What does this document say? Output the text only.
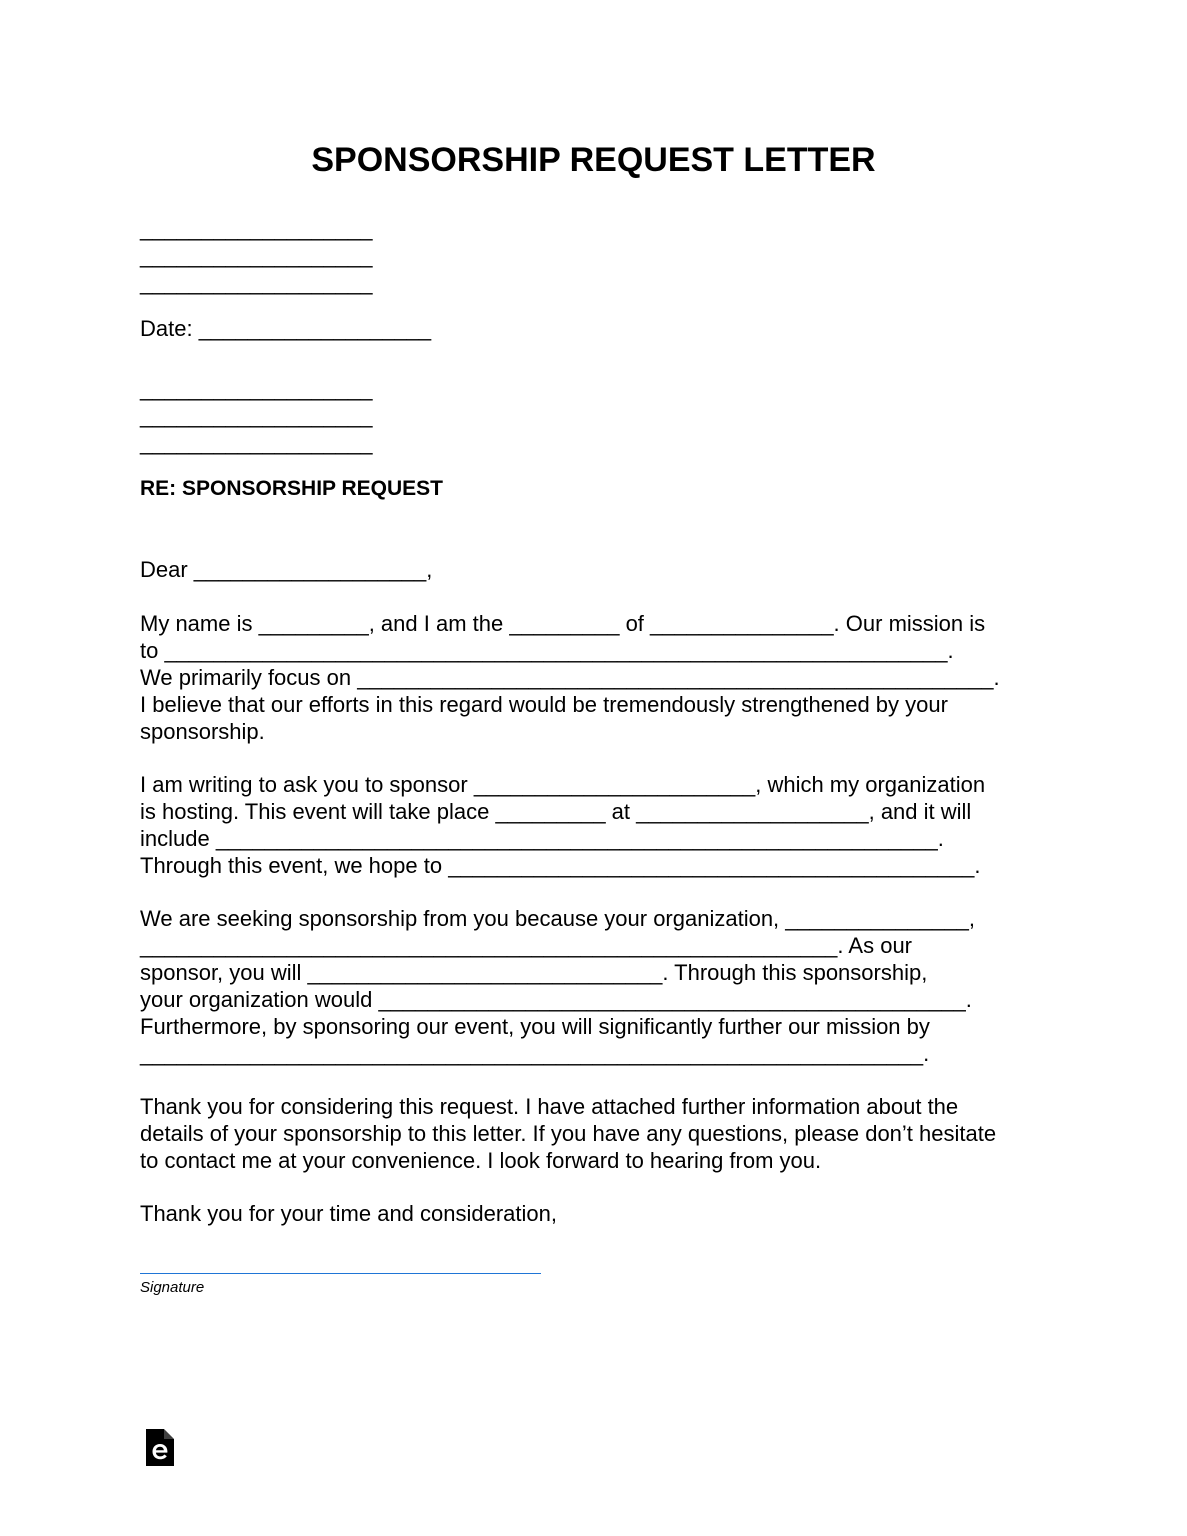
SPONSORSHIP REQUEST LETTER

___________________

___________________

___________________

Date: ___________________

___________________

___________________

___________________

RE: SPONSORSHIP REQUEST

Dear ___________________,

My name is _________, and I am the _________ of _______________. Our mission is

to ________________________________________________________________.

We primarily focus on ____________________________________________________.

I believe that our efforts in this regard would be tremendously strengthened by your

sponsorship.

I am writing to ask you to sponsor _______________________, which my organization

is hosting. This event will take place _________ at ___________________, and it will

include ___________________________________________________________.

Through this event, we hope to ___________________________________________.

We are seeking sponsorship from you because your organization, _______________,

_________________________________________________________. As our

sponsor, you will _____________________________. Through this sponsorship,

your organization would ________________________________________________.

Furthermore, by sponsoring our event, you will significantly further our mission by

________________________________________________________________.

Thank you for considering this request. I have attached further information about the

details of your sponsorship to this letter. If you have any questions, please don’t hesitate

to contact me at your convenience. I look forward to hearing from you.

Thank you for your time and consideration,

Signature
